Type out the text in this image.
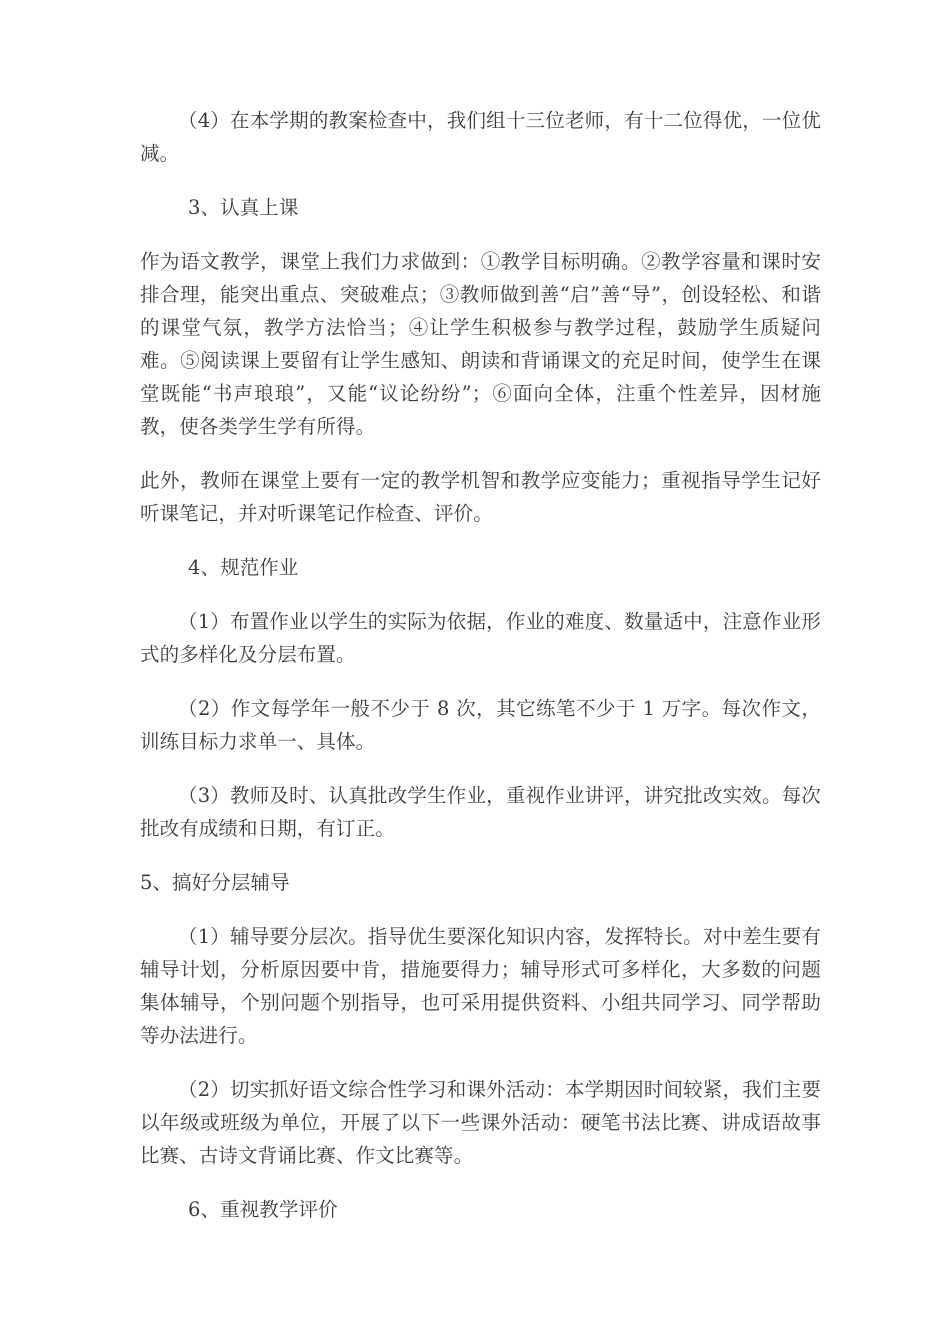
（4）在本学期的教案检查中，我们组十三位老师，有十二位得优，一位优减。

3、认真上课

作为语文教学，课堂上我们力求做到：①教学目标明确。②教学容量和课时安排合理，能突出重点、突破难点；③教师做到善“启”善“导”，创设轻松、和谐的课堂气氛，教学方法恰当；④让学生积极参与教学过程，鼓励学生质疑问难。⑤阅读课上要留有让学生感知、朗读和背诵课文的充足时间，使学生在课堂既能“书声琅琅”，又能“议论纷纷”；⑥面向全体，注重个性差异，因材施教，使各类学生学有所得。

此外，教师在课堂上要有一定的教学机智和教学应变能力；重视指导学生记好听课笔记，并对听课笔记作检查、评价。

4、规范作业

（1）布置作业以学生的实际为依据，作业的难度、数量适中，注意作业形式的多样化及分层布置。

（2）作文每学年一般不少于 8 次，其它练笔不少于 1 万字。每次作文，训练目标力求单一、具体。

（3）教师及时、认真批改学生作业，重视作业讲评，讲究批改实效。每次批改有成绩和日期，有订正。

5、搞好分层辅导

（1）辅导要分层次。指导优生要深化知识内容，发挥特长。对中差生要有辅导计划，分析原因要中肯，措施要得力；辅导形式可多样化，大多数的问题集体辅导，个别问题个别指导，也可采用提供资料、小组共同学习、同学帮助等办法进行。

（2）切实抓好语文综合性学习和课外活动：本学期因时间较紧，我们主要以年级或班级为单位，开展了以下一些课外活动：硬笔书法比赛、讲成语故事比赛、古诗文背诵比赛、作文比赛等。

6、重视教学评价
